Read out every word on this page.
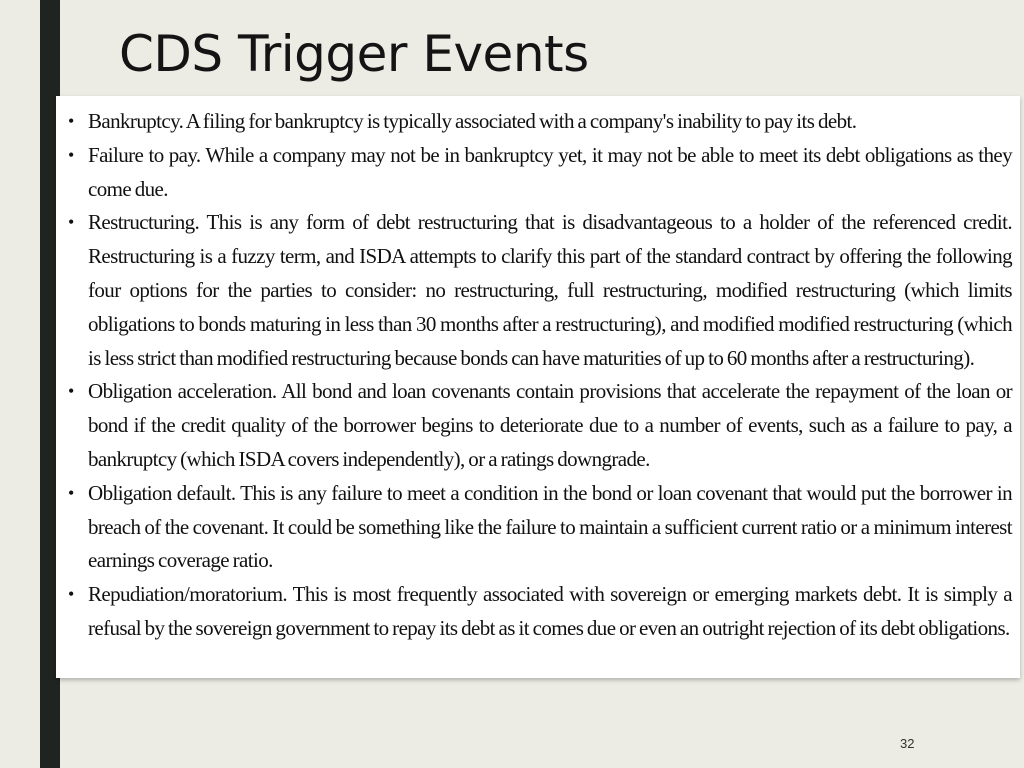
CDS Trigger Events
• Bankruptcy. A filing for bankruptcy is typically associated with a company's inability to pay its debt.
• Failure to pay. While a company may not be in bankruptcy yet, it may not be able to meet its debt obligations as they come due.
• Restructuring. This is any form of debt restructuring that is disadvantageous to a holder of the referenced credit. Restructuring is a fuzzy term, and ISDA attempts to clarify this part of the standard contract by offering the following four options for the parties to consider: no restructuring, full restructuring, modified restructuring (which limits obligations to bonds maturing in less than 30 months after a restructuring), and modified modified restructuring (which is less strict than modified restructuring because bonds can have maturities of up to 60 months after a restructuring).
• Obligation acceleration. All bond and loan covenants contain provisions that accelerate the repayment of the loan or bond if the credit quality of the borrower begins to deteriorate due to a number of events, such as a failure to pay, a bankruptcy (which ISDA covers independently), or a ratings downgrade.
• Obligation default. This is any failure to meet a condition in the bond or loan covenant that would put the borrower in breach of the covenant. It could be something like the failure to maintain a sufficient current ratio or a minimum interest earnings coverage ratio.
• Repudiation/moratorium. This is most frequently associated with sovereign or emerging markets debt. It is simply a refusal by the sovereign government to repay its debt as it comes due or even an outright rejection of its debt obligations.
32
